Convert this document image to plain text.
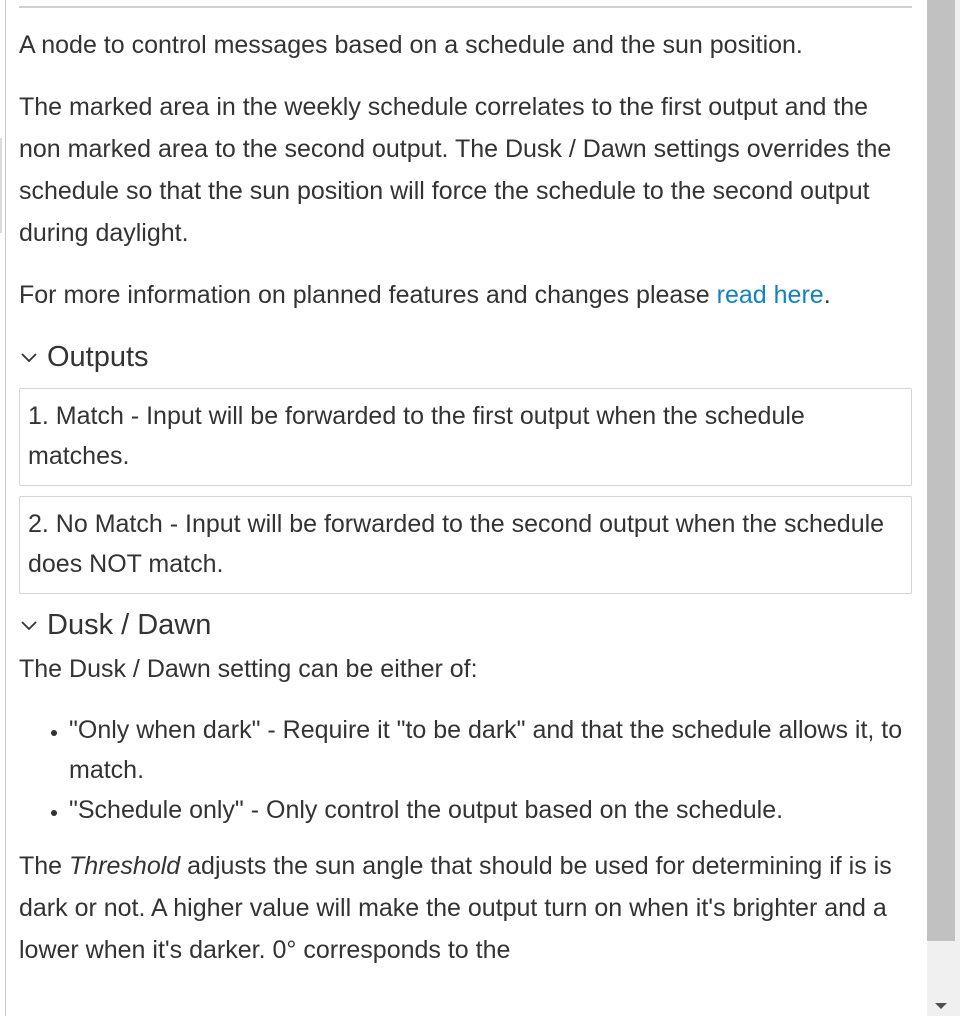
A node to control messages based on a schedule and the sun position.

The marked area in the weekly schedule correlates to the first output and the non marked area to the second output. The Dusk / Dawn settings overrides the schedule so that the sun position will force the schedule to the second output during daylight.

For more information on planned features and changes please read here.

Outputs
1. Match - Input will be forwarded to the first output when the schedule matches.
2. No Match - Input will be forwarded to the second output when the schedule does NOT match.
Dusk / Dawn

The Dusk / Dawn setting can be either of:

• "Only when dark" - Require it "to be dark" and that the schedule allows it, to match.
• "Schedule only" - Only control the output based on the schedule.

The Threshold adjusts the sun angle that should be used for determining if is is dark or not. A higher value will make the output turn on when it's brighter and a lower when it's darker. 0° corresponds to the
